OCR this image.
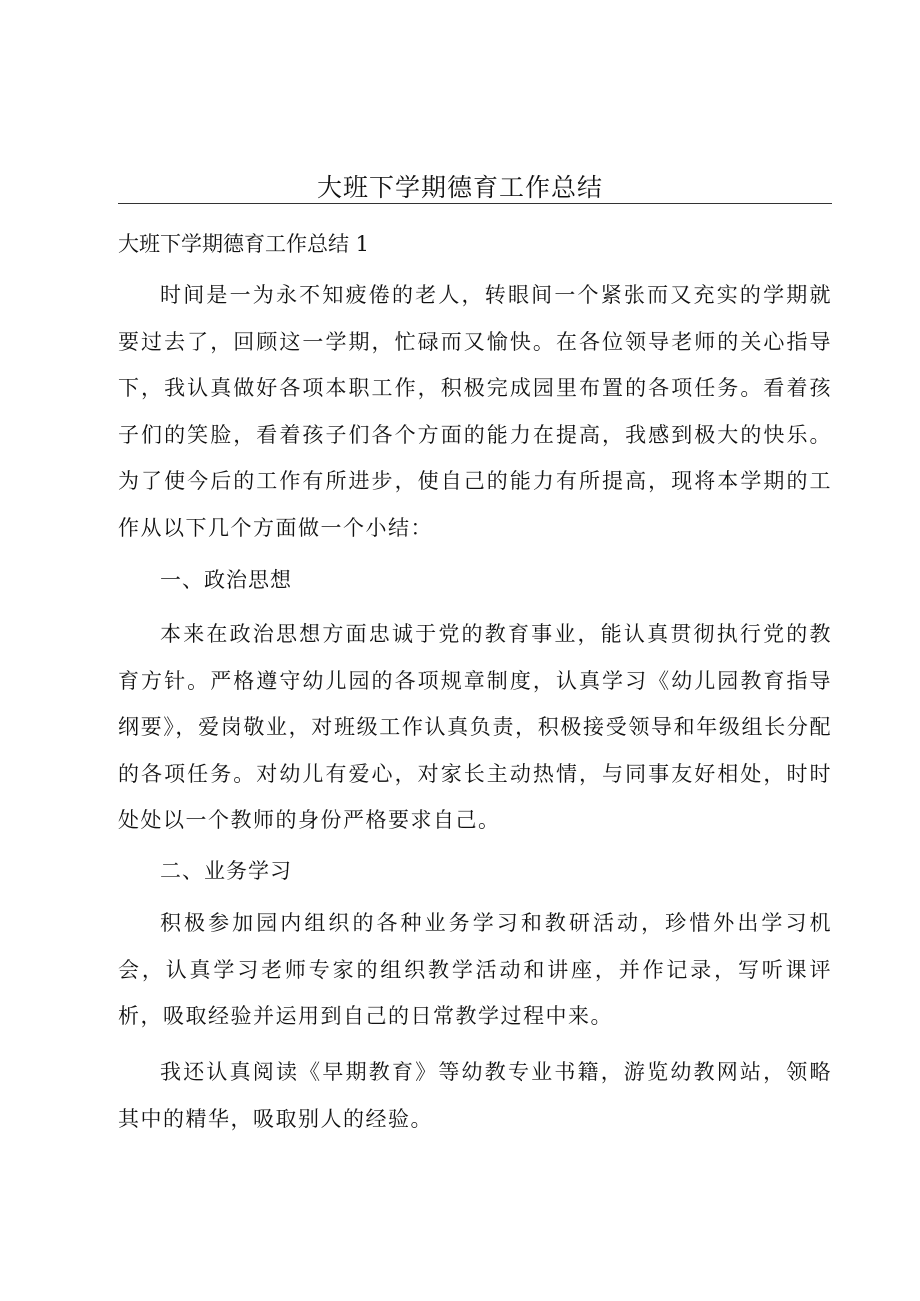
大班下学期德育工作总结
大班下学期德育工作总结 1

时间是一为永不知疲倦的老人，转眼间一个紧张而又充实的学期就要过去了，回顾这一学期，忙碌而又愉快。在各位领导老师的关心指导下，我认真做好各项本职工作，积极完成园里布置的各项任务。看着孩子们的笑脸，看着孩子们各个方面的能力在提高，我感到极大的快乐。为了使今后的工作有所进步，使自己的能力有所提高，现将本学期的工作从以下几个方面做一个小结：

一、政治思想

本来在政治思想方面忠诚于党的教育事业，能认真贯彻执行党的教育方针。严格遵守幼儿园的各项规章制度，认真学习《幼儿园教育指导纲要》，爱岗敬业，对班级工作认真负责，积极接受领导和年级组长分配的各项任务。对幼儿有爱心，对家长主动热情，与同事友好相处，时时处处以一个教师的身份严格要求自己。

二、业务学习

积极参加园内组织的各种业务学习和教研活动，珍惜外出学习机会，认真学习老师专家的组织教学活动和讲座，并作记录，写听课评析，吸取经验并运用到自己的日常教学过程中来。

我还认真阅读《早期教育》等幼教专业书籍，游览幼教网站，领略其中的精华，吸取别人的经验。
